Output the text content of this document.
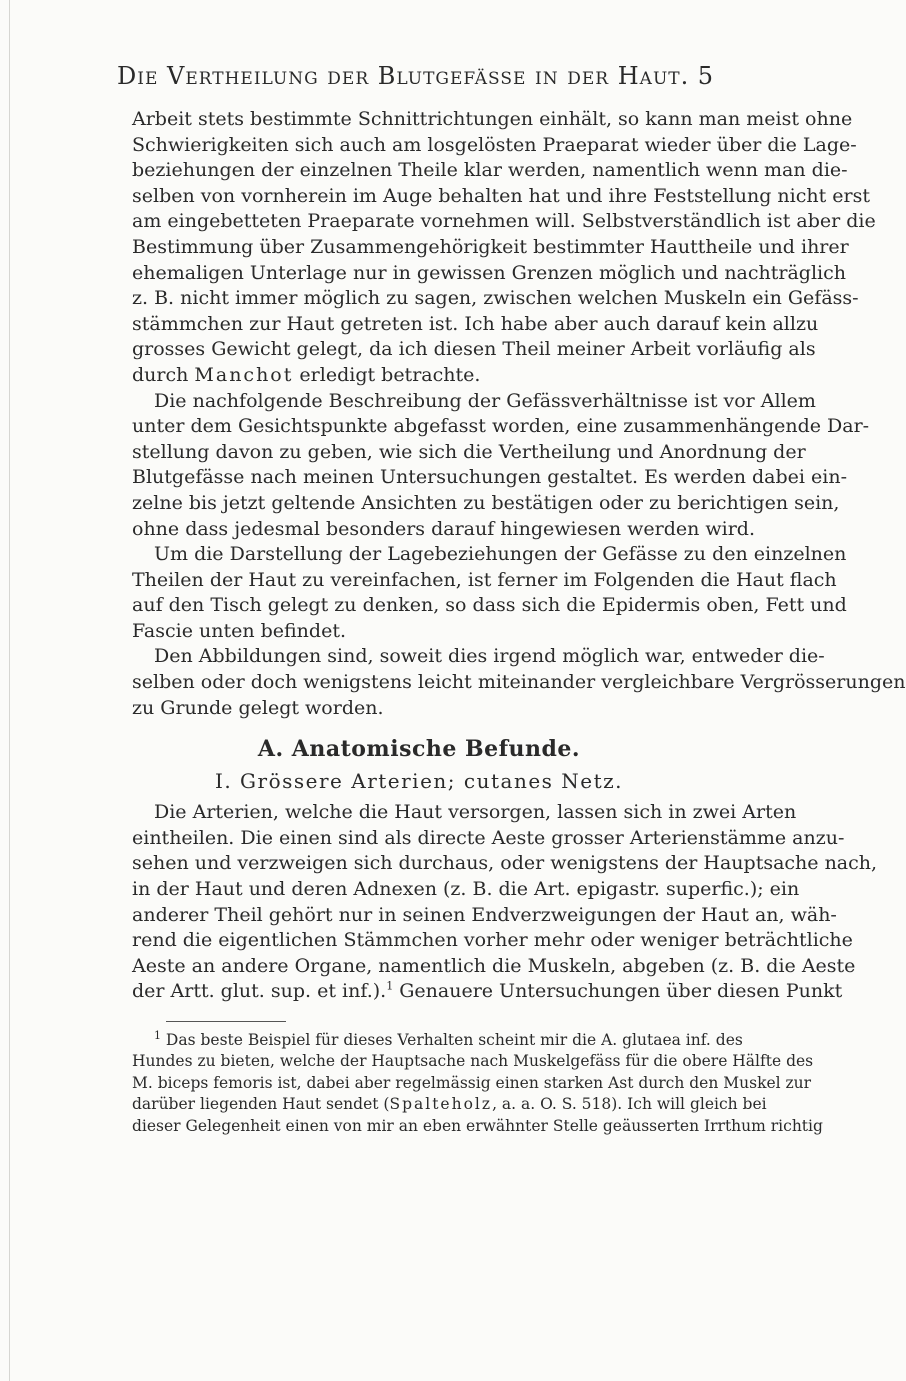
Die Vertheilung der Blutgefässe in der Haut. 5
Arbeit stets bestimmte Schnittrichtungen einhält, so kann man meist ohne
Schwierigkeiten sich auch am losgelösten Praeparat wieder über die Lage-
beziehungen der einzelnen Theile klar werden, namentlich wenn man die-
selben von vornherein im Auge behalten hat und ihre Feststellung nicht erst
am eingebetteten Praeparate vornehmen will. Selbstverständlich ist aber die
Bestimmung über Zusammengehörigkeit bestimmter Hauttheile und ihrer
ehemaligen Unterlage nur in gewissen Grenzen möglich und nachträglich
z. B. nicht immer möglich zu sagen, zwischen welchen Muskeln ein Gefäss-
stämmchen zur Haut getreten ist. Ich habe aber auch darauf kein allzu
grosses Gewicht gelegt, da ich diesen Theil meiner Arbeit vorläufig als
durch Manchot erledigt betrachte.
Die nachfolgende Beschreibung der Gefässverhältnisse ist vor Allem
unter dem Gesichtspunkte abgefasst worden, eine zusammenhängende Dar-
stellung davon zu geben, wie sich die Vertheilung und Anordnung der
Blutgefässe nach meinen Untersuchungen gestaltet. Es werden dabei ein-
zelne bis jetzt geltende Ansichten zu bestätigen oder zu berichtigen sein,
ohne dass jedesmal besonders darauf hingewiesen werden wird.
Um die Darstellung der Lagebeziehungen der Gefässe zu den einzelnen
Theilen der Haut zu vereinfachen, ist ferner im Folgenden die Haut flach
auf den Tisch gelegt zu denken, so dass sich die Epidermis oben, Fett und
Fascie unten befindet.
Den Abbildungen sind, soweit dies irgend möglich war, entweder die-
selben oder doch wenigstens leicht miteinander vergleichbare Vergrösserungen
zu Grunde gelegt worden.
A. Anatomische Befunde.
I. Grössere Arterien; cutanes Netz.
Die Arterien, welche die Haut versorgen, lassen sich in zwei Arten
eintheilen. Die einen sind als directe Aeste grosser Arterienstämme anzu-
sehen und verzweigen sich durchaus, oder wenigstens der Hauptsache nach,
in der Haut und deren Adnexen (z. B. die Art. epigastr. superfic.); ein
anderer Theil gehört nur in seinen Endverzweigungen der Haut an, wäh-
rend die eigentlichen Stämmchen vorher mehr oder weniger beträchtliche
Aeste an andere Organe, namentlich die Muskeln, abgeben (z. B. die Aeste
der Artt. glut. sup. et inf.).$^1$ Genauere Untersuchungen über diesen Punkt
$^1$ Das beste Beispiel für dieses Verhalten scheint mir die A. glutaea inf. des
Hundes zu bieten, welche der Hauptsache nach Muskelgefäss für die obere Hälfte des
M. biceps femoris ist, dabei aber regelmässig einen starken Ast durch den Muskel zur
darüber liegenden Haut sendet (Spalteholz, a. a. O. S. 518). Ich will gleich bei
dieser Gelegenheit einen von mir an eben erwähnter Stelle geäusserten Irrthum richtig
